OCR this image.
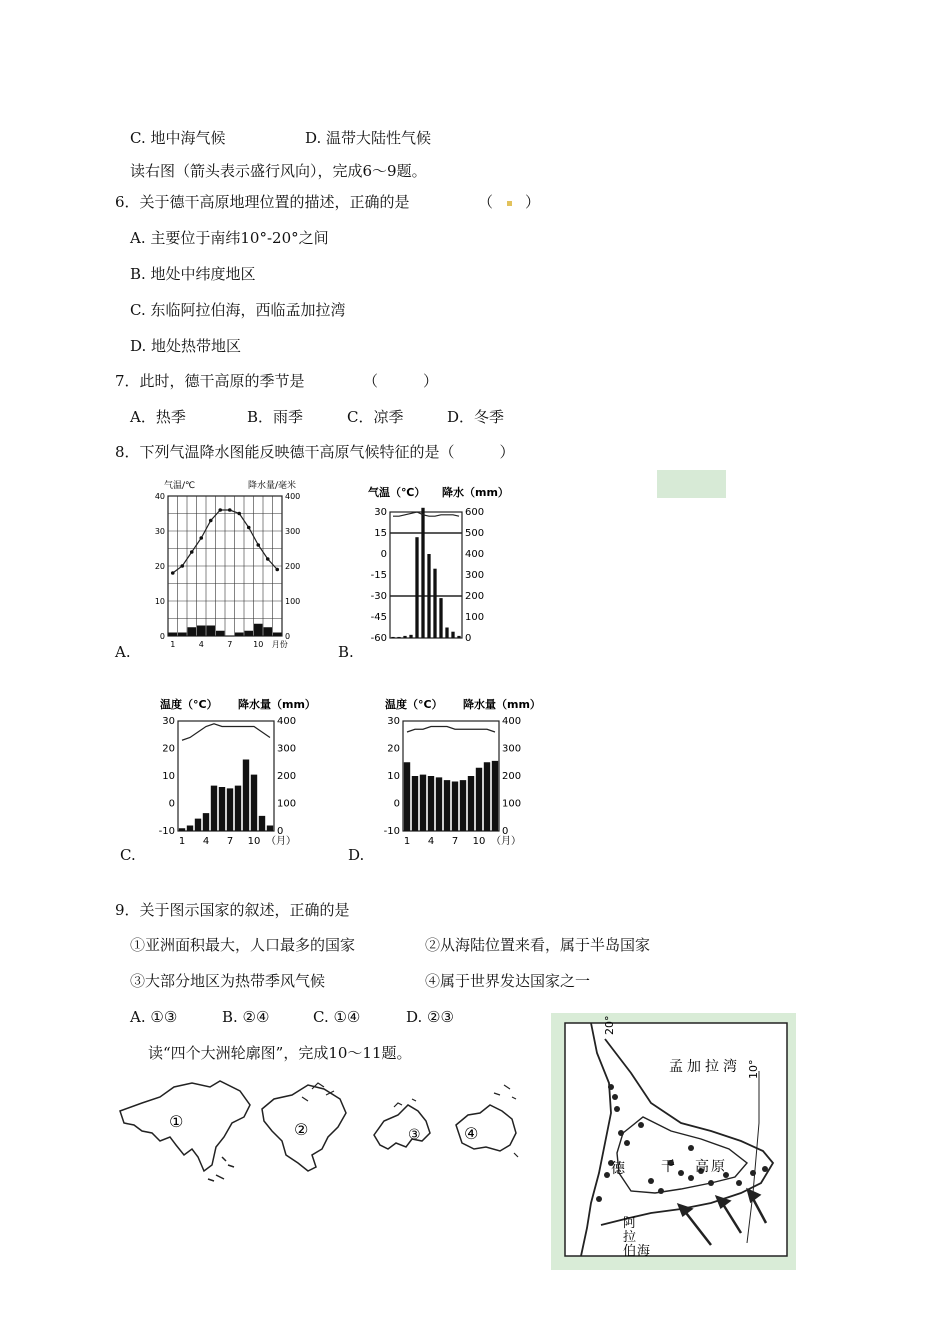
C. 地中海气候	D. 温带大陆性气候
读右图（箭头表示盛行风向），完成6～9题。
6．关于德干高原地理位置的描述，正确的是	（ ）
A. 主要位于南纬10°-20°之间
B. 地处中纬度地区
C. 东临阿拉伯海，西临孟加拉湾
D. 地处热带地区
7．此时，德干高原的季节是	（　　　）
A．热季	B．雨季	C．凉季	D．冬季
8．下列气温降水图能反映德干高原气候特征的是（　　　）
A.	B.
C.	D.
9．关于图示国家的叙述，正确的是
①亚洲面积最大，人口最多的国家	②从海陆位置来看，属于半岛国家
③大部分地区为热带季风气候	④属于世界发达国家之一
A. ①③	B. ②④	C. ①④	D. ②③
读“四个大洲轮廓图”，完成10～11题。
气温/℃	降水量/毫米
0
10
20
30
40
0
100
200
300
400
1	4	7	10 月份
气温（℃） 降水（mm）
30
15
0
-15
-30
-45
-60
600
500
400
300
200
100
0
温度（°C） 降水量（mm）
30
20
10
0
-10
400
300
200
100
0
1 4 7 10 （月）
温度（°C） 降水量（mm）
30
20
10
0
-10
400
300
200
100
0
1 4 7 10 （月）
①	②	③	④
20°
10°
孟 加 拉 湾
德	干 高 原
阿
拉
伯 海
